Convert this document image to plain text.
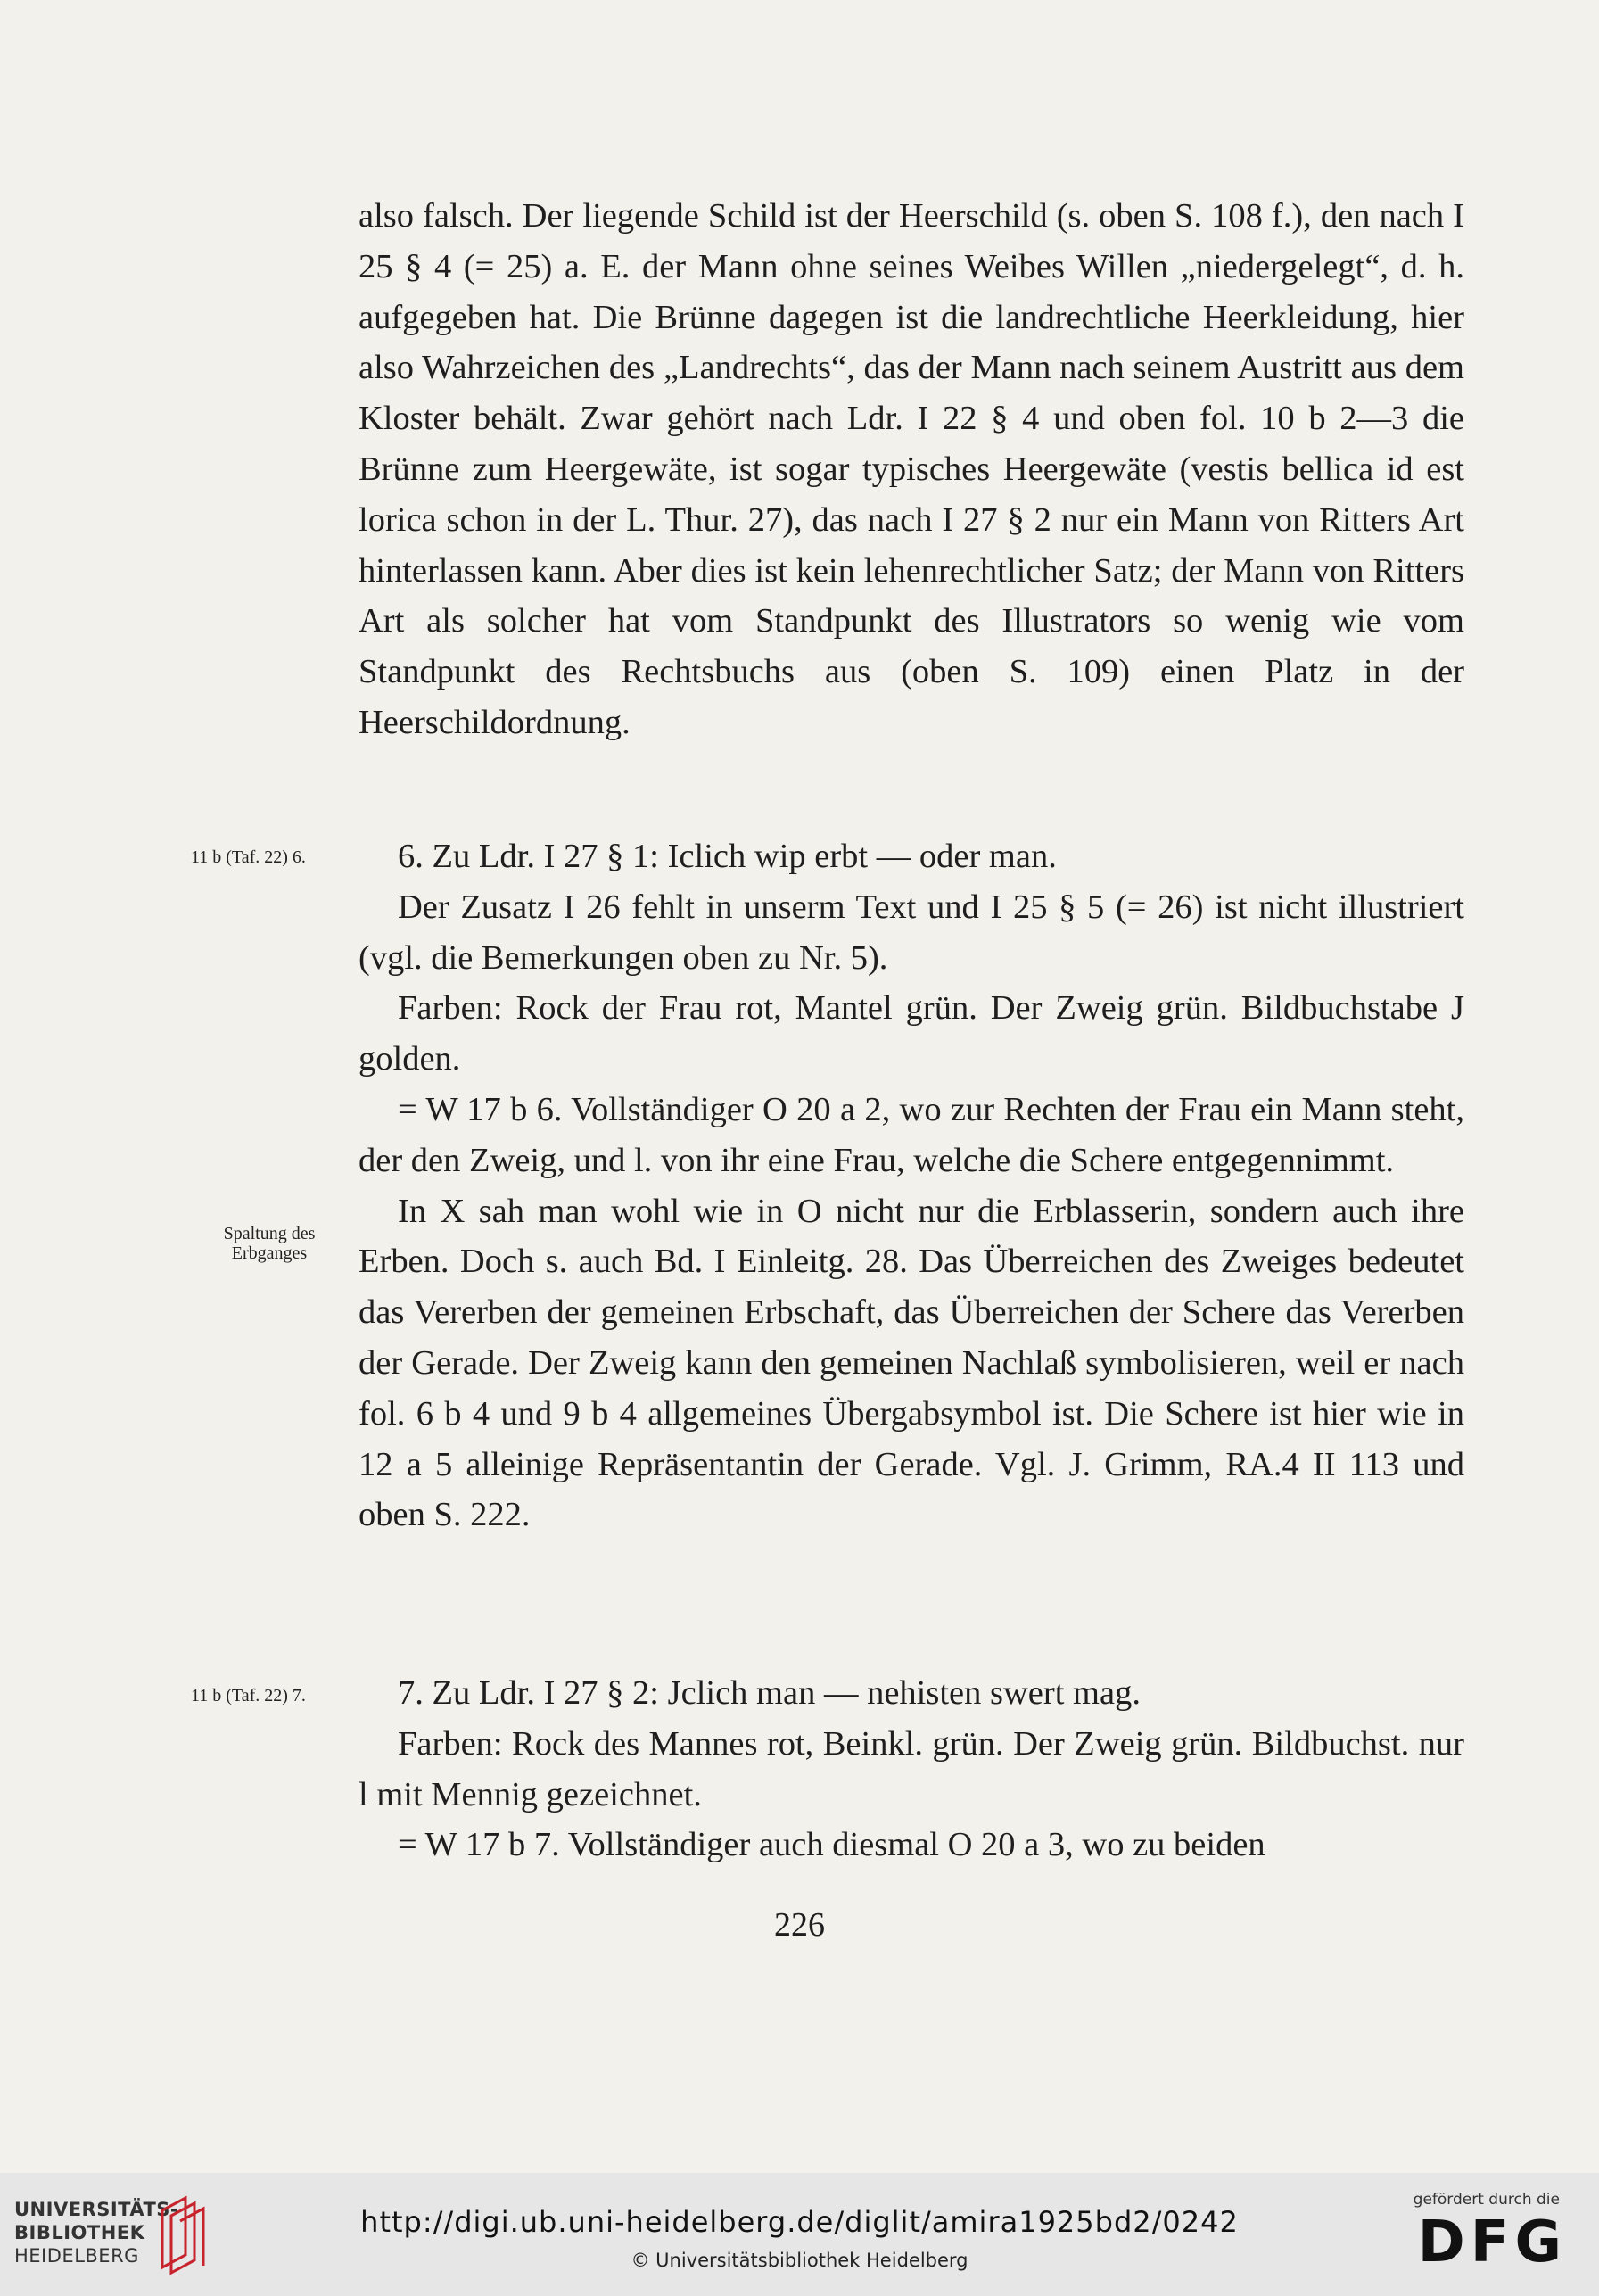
also falsch. Der liegende Schild ist der Heerschild (s. oben S. 108 f.), den nach I 25 § 4 (= 25) a. E. der Mann ohne seines Weibes Willen „niedergelegt“, d. h. aufgegeben hat. Die Brünne dagegen ist die landrechtliche Heerkleidung, hier also Wahrzeichen des „Landrechts“, das der Mann nach seinem Austritt aus dem Kloster behält. Zwar gehört nach Ldr. I 22 § 4 und oben fol. 10 b 2—3 die Brünne zum Heergewäte, ist sogar typisches Heergewäte (vestis bellica id est lorica schon in der L. Thur. 27), das nach I 27 § 2 nur ein Mann von Ritters Art hinterlassen kann. Aber dies ist kein lehenrechtlicher Satz; der Mann von Ritters Art als solcher hat vom Standpunkt des Illustrators so wenig wie vom Standpunkt des Rechtsbuchs aus (oben S. 109) einen Platz in der Heerschildordnung.

11 b (Taf. 22) 6.	6. Zu Ldr. I 27 § 1: Iclich wip erbt — oder man.

Der Zusatz I 26 fehlt in unserm Text und I 25 § 5 (= 26) ist nicht illustriert (vgl. die Bemerkungen oben zu Nr. 5).

Farben: Rock der Frau rot, Mantel grün. Der Zweig grün. Bildbuchstabe J golden.

= W 17 b 6. Vollständiger O 20 a 2, wo zur Rechten der Frau ein Mann steht, der den Zweig, und l. von ihr eine Frau, welche die Schere entgegennimmt.

In X sah man wohl wie in O nicht nur die Erblasserin, sondern auch ihre Erben. Doch s. auch Bd. I Einleitg. 28. Das Überreichen des Zweiges bedeutet das Vererben der gemeinen Erbschaft, das Überreichen der Schere das Vererben der Gerade. Der Zweig kann den gemeinen Nachlaß symbolisieren, weil er nach fol. 6 b 4 und 9 b 4 allgemeines Übergabsymbol ist. Die Schere ist hier wie in 12 a 5 alleinige Repräsentantin der Gerade. Vgl. J. Grimm, RA.4 II 113 und oben S. 222.

Spaltung des
Erbganges
11 b (Taf. 22) 7.	7. Zu Ldr. I 27 § 2: Jclich man — nehisten swert mag.

Farben: Rock des Mannes rot, Beinkl. grün. Der Zweig grün. Bildbuchst. nur l mit Mennig gezeichnet.

= W 17 b 7. Vollständiger auch diesmal O 20 a 3, wo zu beiden

226
UNIVERSITÄTS-
BIBLIOTHEK
HEIDELBERG
http://digi.ub.uni-heidelberg.de/diglit/amira1925bd2/0242
© Universitätsbibliothek Heidelberg
gefördert durch die
DFG
